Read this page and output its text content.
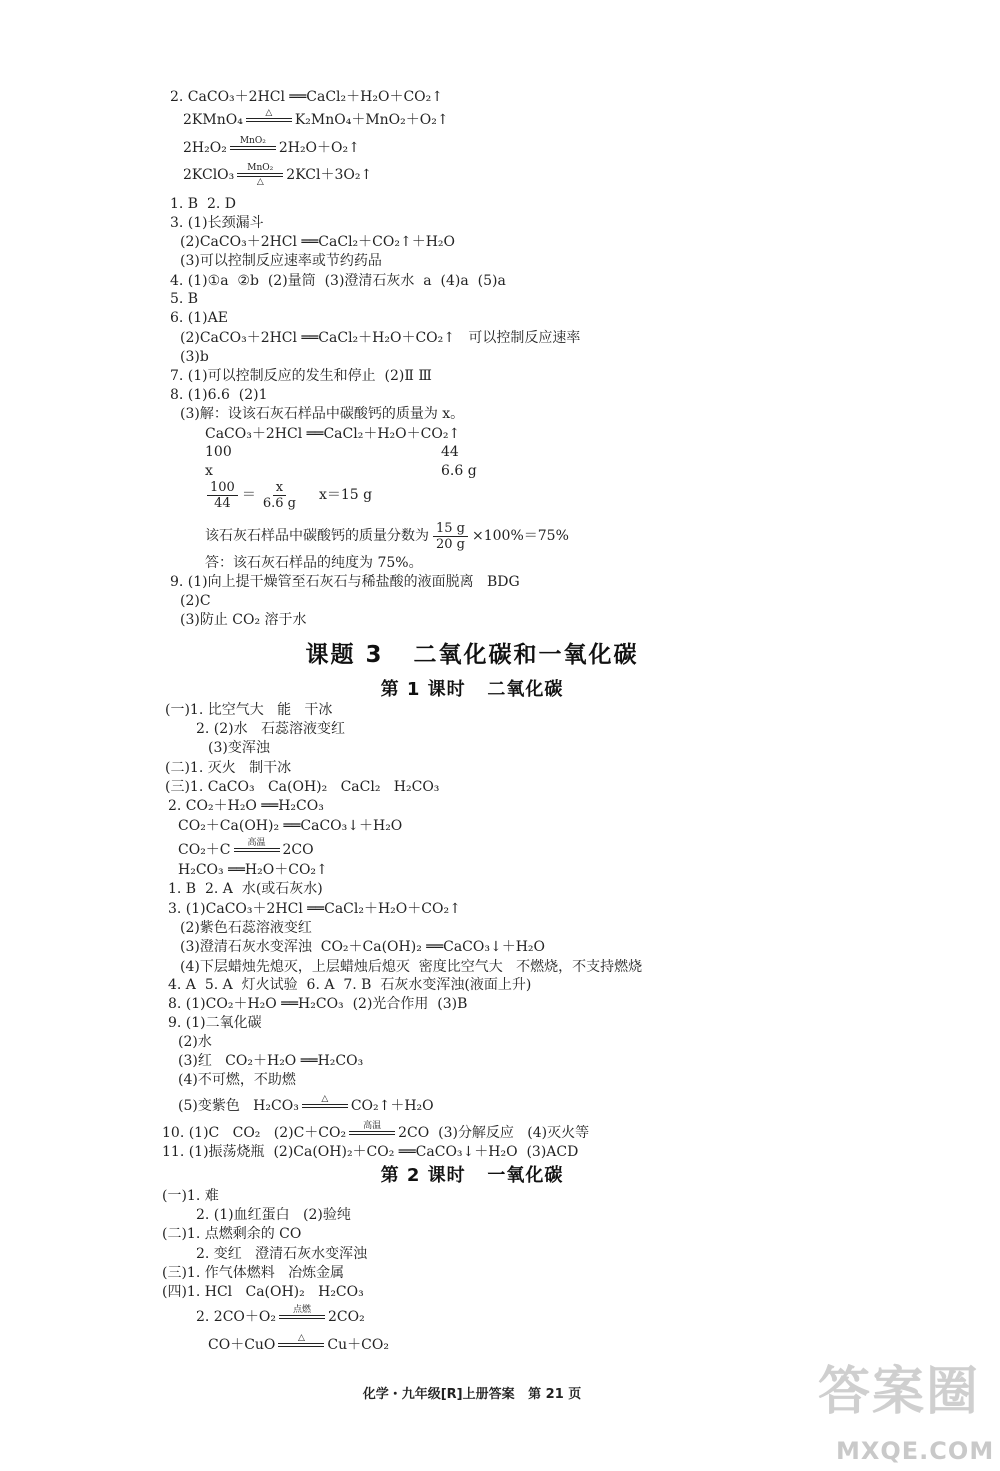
2. CaCO₃＋2HCl ══CaCl₂＋H₂O＋CO₂↑
2KMnO₄	△ K₂MnO₄＋MnO₂＋O₂↑
2H₂O₂ MnO₂ 2H₂O＋O₂↑
2KClO₃ MnO₂
△ 2KCl＋3O₂↑
1. B  2. D
3. (1)长颈漏斗
(2)CaCO₃＋2HCl ══CaCl₂＋CO₂↑＋H₂O
(3)可以控制反应速率或节约药品
4. (1)①a  ②b  (2)量筒  (3)澄清石灰水  a  (4)a  (5)a
5. B
6. (1)AE
(2)CaCO₃＋2HCl ══CaCl₂＋H₂O＋CO₂↑   可以控制反应速率
(3)b
7. (1)可以控制反应的发生和停止  (2)Ⅱ Ⅲ
8. (1)6.6  (2)1
(3)解：设该石灰石样品中碳酸钙的质量为 x。
CaCO₃＋2HCl ══CaCl₂＋H₂O＋CO₂↑
100	44
x	6.6 g
$\frac{100}{44} = \frac{x}{6.6 g} x=15$ g
该石灰石样品中碳酸钙的质量分数为 $\frac{15 g}{20 g} \times 100\%=75\%$
答：该石灰石样品的纯度为 75%。
9. (1)向上提干燥管至石灰石与稀盐酸的液面脱离   BDG
(2)C
(3)防止 CO₂ 溶于水
课题 3   二氧化碳和一氧化碳
第 1 课时   二氧化碳
(一)1. 比空气大   能   干冰
2. (2)水   石蕊溶液变红
(3)变浑浊
(二)1. 灭火   制干冰
(三)1. CaCO₃   Ca(OH)₂   CaCl₂   H₂CO₃
2. CO₂＋H₂O ══H₂CO₃
CO₂＋Ca(OH)₂ ══CaCO₃↓＋H₂O
CO₂＋C 高温 2CO
H₂CO₃ ══H₂O＋CO₂↑
1. B  2. A  水(或石灰水)
3. (1)CaCO₃＋2HCl ══CaCl₂＋H₂O＋CO₂↑
(2)紫色石蕊溶液变红
(3)澄清石灰水变浑浊  CO₂＋Ca(OH)₂ ══CaCO₃↓＋H₂O
(4)下层蜡烛先熄灭，上层蜡烛后熄灭  密度比空气大   不燃烧，不支持燃烧
4. A  5. A  灯火试验  6. A  7. B  石灰水变浑浊(液面上升)
8. (1)CO₂＋H₂O ══H₂CO₃  (2)光合作用  (3)B
9. (1)二氧化碳
(2)水
(3)红   CO₂＋H₂O ══H₂CO₃
(4)不可燃，不助燃
(5)变紫色   H₂CO₃	△ CO₂↑＋H₂O
10. (1)C   CO₂   (2)C＋CO₂ 高温 2CO  (3)分解反应   (4)灭火等
11. (1)振荡烧瓶  (2)Ca(OH)₂＋CO₂ ══CaCO₃↓＋H₂O  (3)ACD
第 2 课时   一氧化碳
(一)1. 难
2. (1)血红蛋白   (2)验纯
(二)1. 点燃剩余的 CO
2. 变红   澄清石灰水变浑浊
(三)1. 作气体燃料   冶炼金属
(四)1. HCl   Ca(OH)₂   H₂CO₃
2. 2CO＋O₂ 点燃 2CO₂
CO＋CuO	△ Cu＋CO₂
化学・九年级[R]上册答案   第 21 页	答案圈
MXQE.COM
